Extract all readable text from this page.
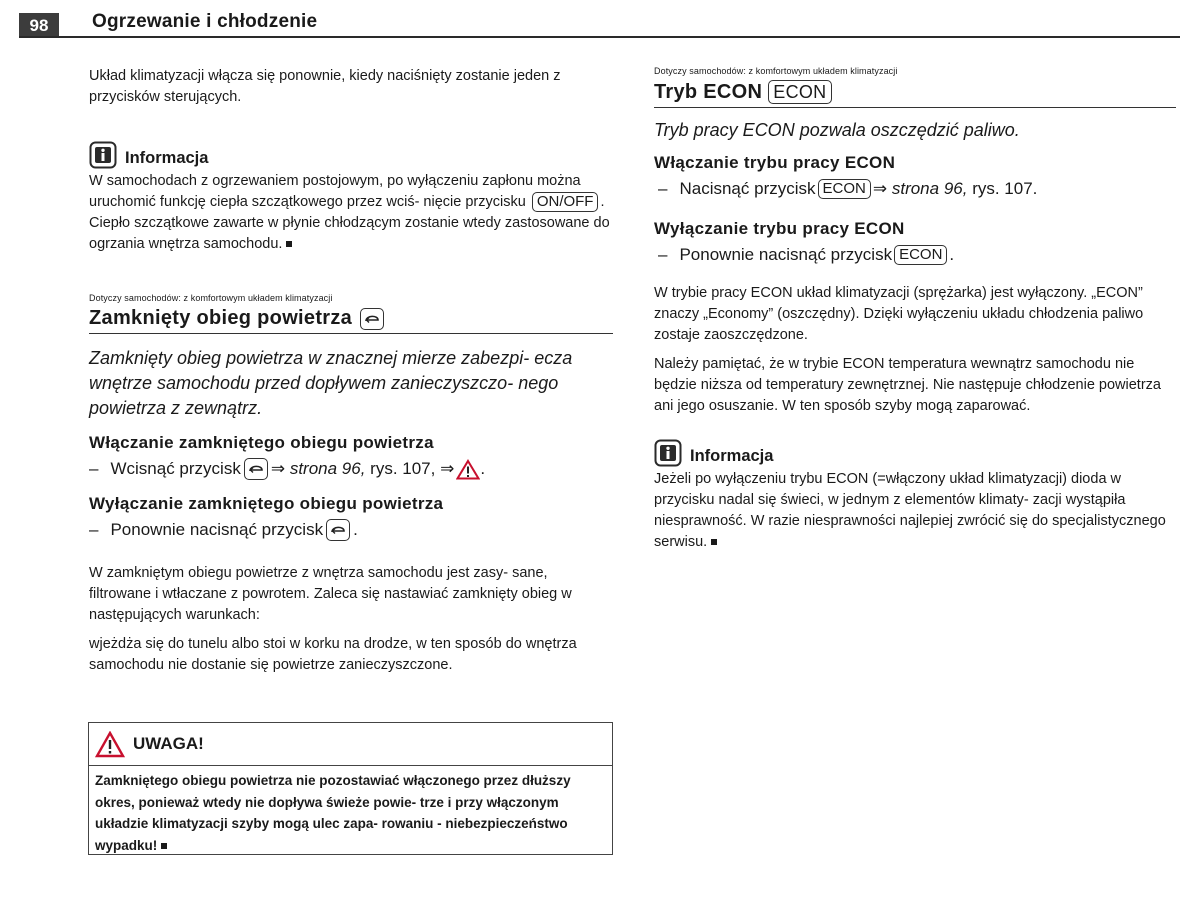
98	Ogrzewanie i chłodzenie

Układ klimatyzacji włącza się ponownie, kiedy naciśnięty zostanie jeden z przycisków sterujących.

Informacja

W samochodach z ogrzewaniem postojowym, po wyłączeniu zapłonu można uruchomić funkcję ciepła szczątkowego przez wciś- nięcie przycisku ON/OFF . Ciepło szczątkowe zawarte w płynie chłodzącym zostanie wtedy zastosowane do ogrzania wnętrza samochodu.

Dotyczy samochodów: z komfortowym układem klimatyzacji

Zamknięty obieg powietrza

Zamknięty obieg powietrza w znacznej mierze zabezpi- ecza wnętrze samochodu przed dopływem zanieczyszczo- nego powietrza z zewnątrz.

Włączanie zamkniętego obiegu powietrza

– Wcisnąć przycisk ⇒
strona 96,
rys. 107,
⇒ .

Wyłączanie zamkniętego obiegu powietrza

– Ponownie nacisnąć przycisk .

W zamkniętym obiegu powietrze z wnętrza samochodu jest zasy- sane, filtrowane i wtłaczane z powrotem. Zaleca się nastawiać zamknięty obieg w następujących warunkach:

wjeżdża się do tunelu albo stoi w korku na drodze, w ten sposób do wnętrza samochodu nie dostanie się powietrze zanieczyszczone.

UWAGA!

Zamkniętego obiegu powietrza nie pozostawiać włączonego przez dłuższy okres, ponieważ wtedy nie dopływa świeże powie- trze i przy włączonym układzie klimatyzacji szyby mogą ulec zapa- rowaniu - niebezpieczeństwo wypadku!

Dotyczy samochodów: z komfortowym układem klimatyzacji

Tryb ECON ECON

Tryb pracy ECON pozwala oszczędzić paliwo.

Włączanie trybu pracy ECON

– Nacisnąć przycisk ECON ⇒
strona 96,
rys. 107.

Wyłączanie trybu pracy ECON

– Ponownie nacisnąć przycisk ECON .

W trybie pracy ECON układ klimatyzacji (sprężarka) jest wyłączony. „ECON” znaczy „Economy” (oszczędny). Dzięki wyłączeniu układu chłodzenia paliwo zostaje zaoszczędzone.

Należy pamiętać, że w trybie ECON temperatura wewnątrz samochodu nie będzie niższa od temperatury zewnętrznej. Nie następuje chłodzenie powietrza ani jego osuszanie. W ten sposób szyby mogą zaparować.

Informacja

Jeżeli po wyłączeniu trybu ECON (=włączony układ klimatyzacji) dioda w przycisku nadal się świeci, w jednym z elementów klimaty- zacji wystąpiła niesprawność. W razie niesprawności najlepiej zwrócić się do specjalistycznego serwisu.
